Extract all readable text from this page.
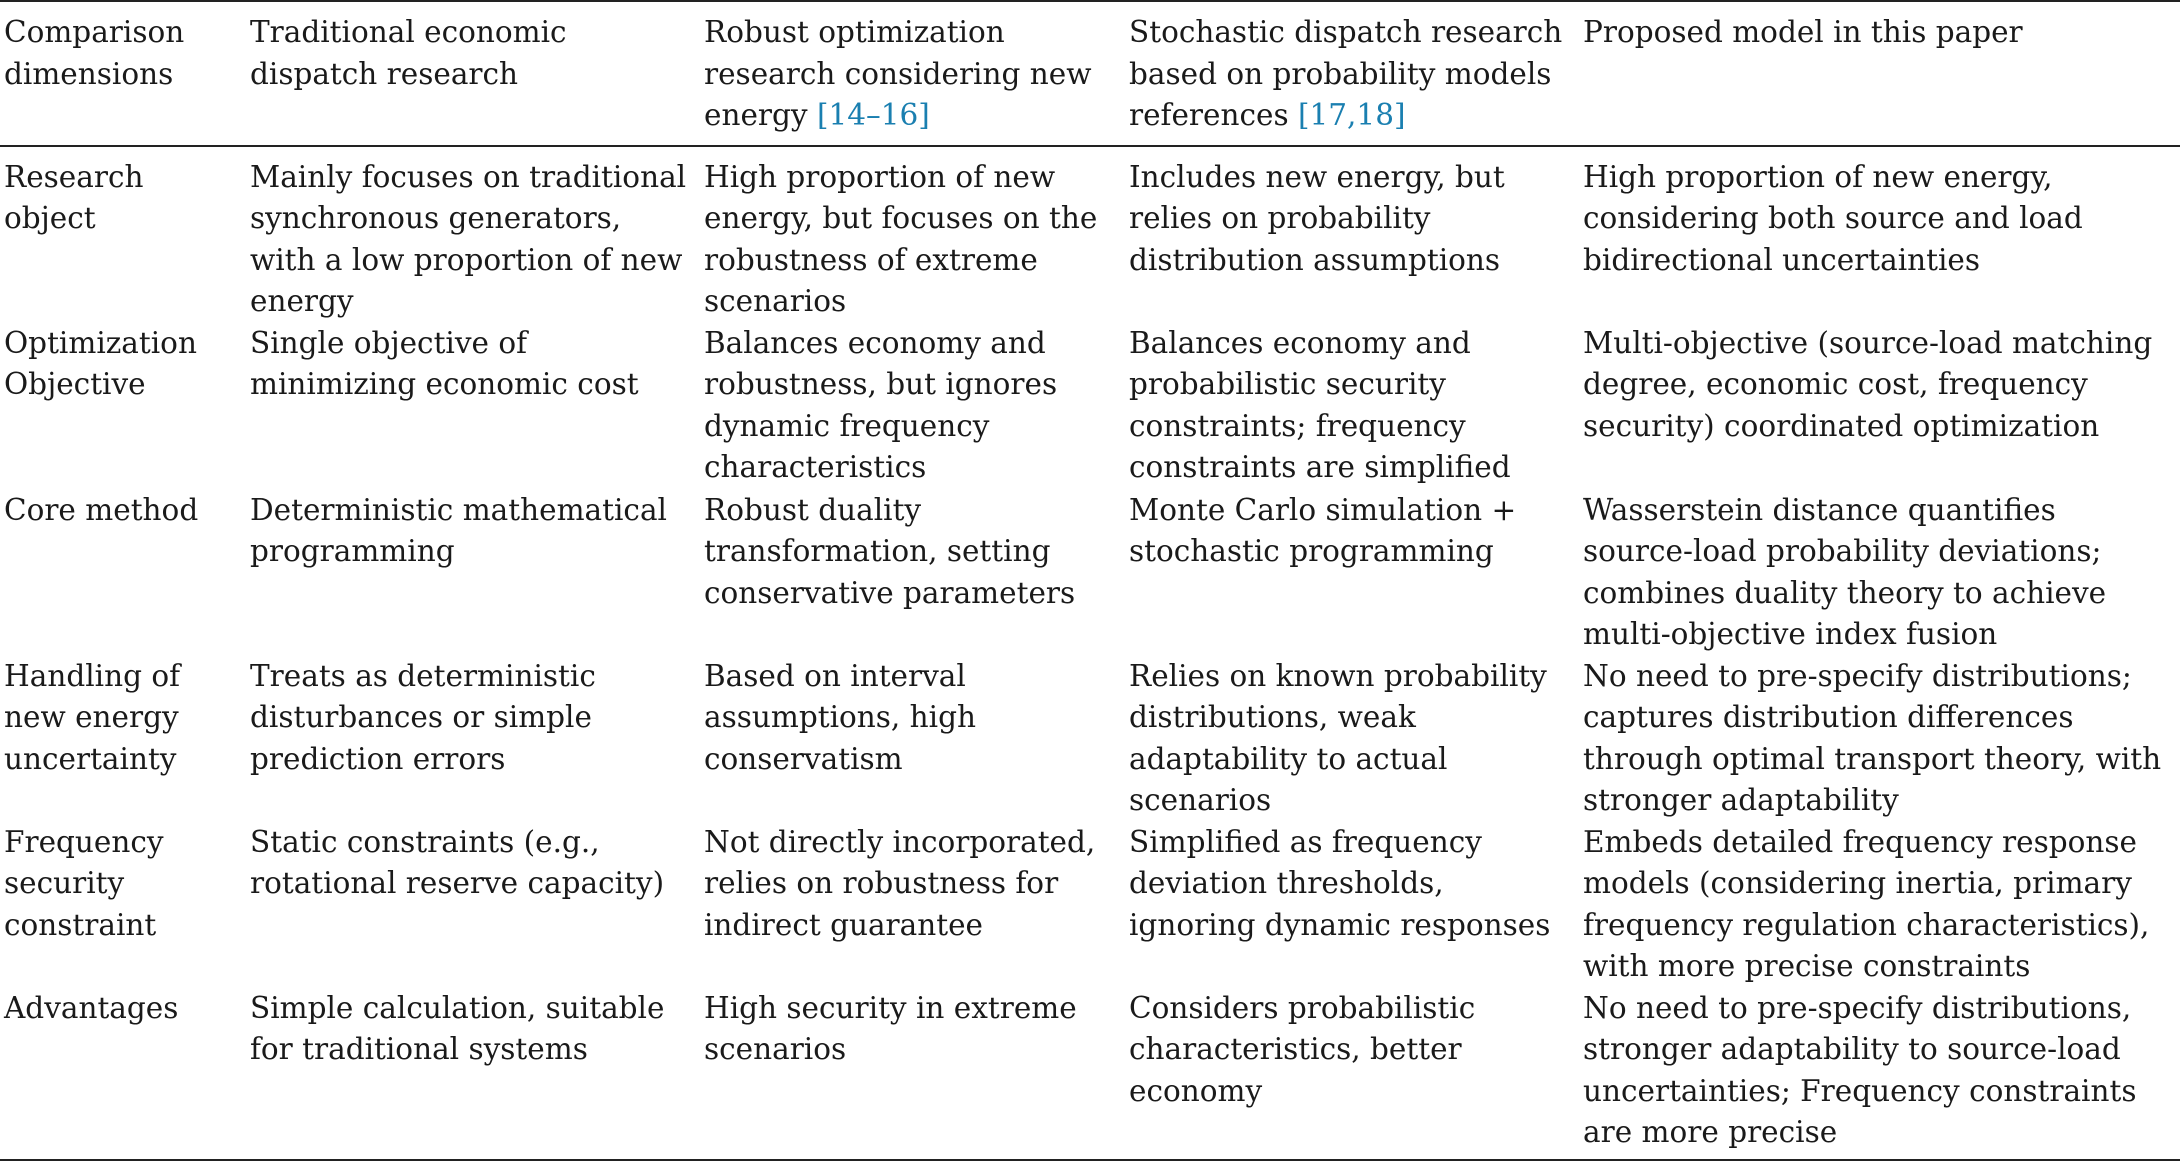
Comparison dimensions	Traditional economic dispatch research	Robust optimization research considering new energy [14–16]	Stochastic dispatch research based on probability models references [17,18]	Proposed model in this paper
Research object	Mainly focuses on traditional synchronous generators, with a low proportion of new energy	High proportion of new energy, but focuses on the robustness of extreme scenarios	Includes new energy, but relies on probability distribution assumptions	High proportion of new energy, considering both source and load bidirectional uncertainties
Optimization Objective	Single objective of minimizing economic cost	Balances economy and robustness, but ignores dynamic frequency characteristics	Balances economy and probabilistic security constraints; frequency constraints are simplified	Multi-objective (source-load matching degree, economic cost, frequency security) coordinated optimization
Core method	Deterministic mathematical programming	Robust duality transformation, setting conservative parameters	Monte Carlo simulation + stochastic programming	Wasserstein distance quantifies source-load probability deviations; combines duality theory to achieve multi-objective index fusion
Handling of new energy uncertainty	Treats as deterministic disturbances or simple prediction errors	Based on interval assumptions, high conservatism	Relies on known probability distributions, weak adaptability to actual scenarios	No need to pre-specify distributions; captures distribution differences through optimal transport theory, with stronger adaptability
Frequency security constraint	Static constraints (e.g., rotational reserve capacity)	Not directly incorporated, relies on robustness for indirect guarantee	Simplified as frequency deviation thresholds, ignoring dynamic responses	Embeds detailed frequency response models (considering inertia, primary frequency regulation characteristics), with more precise constraints
Advantages	Simple calculation, suitable for traditional systems	High security in extreme scenarios	Considers probabilistic characteristics, better economy	No need to pre-specify distributions, stronger adaptability to source-load uncertainties; Frequency constraints are more precise
